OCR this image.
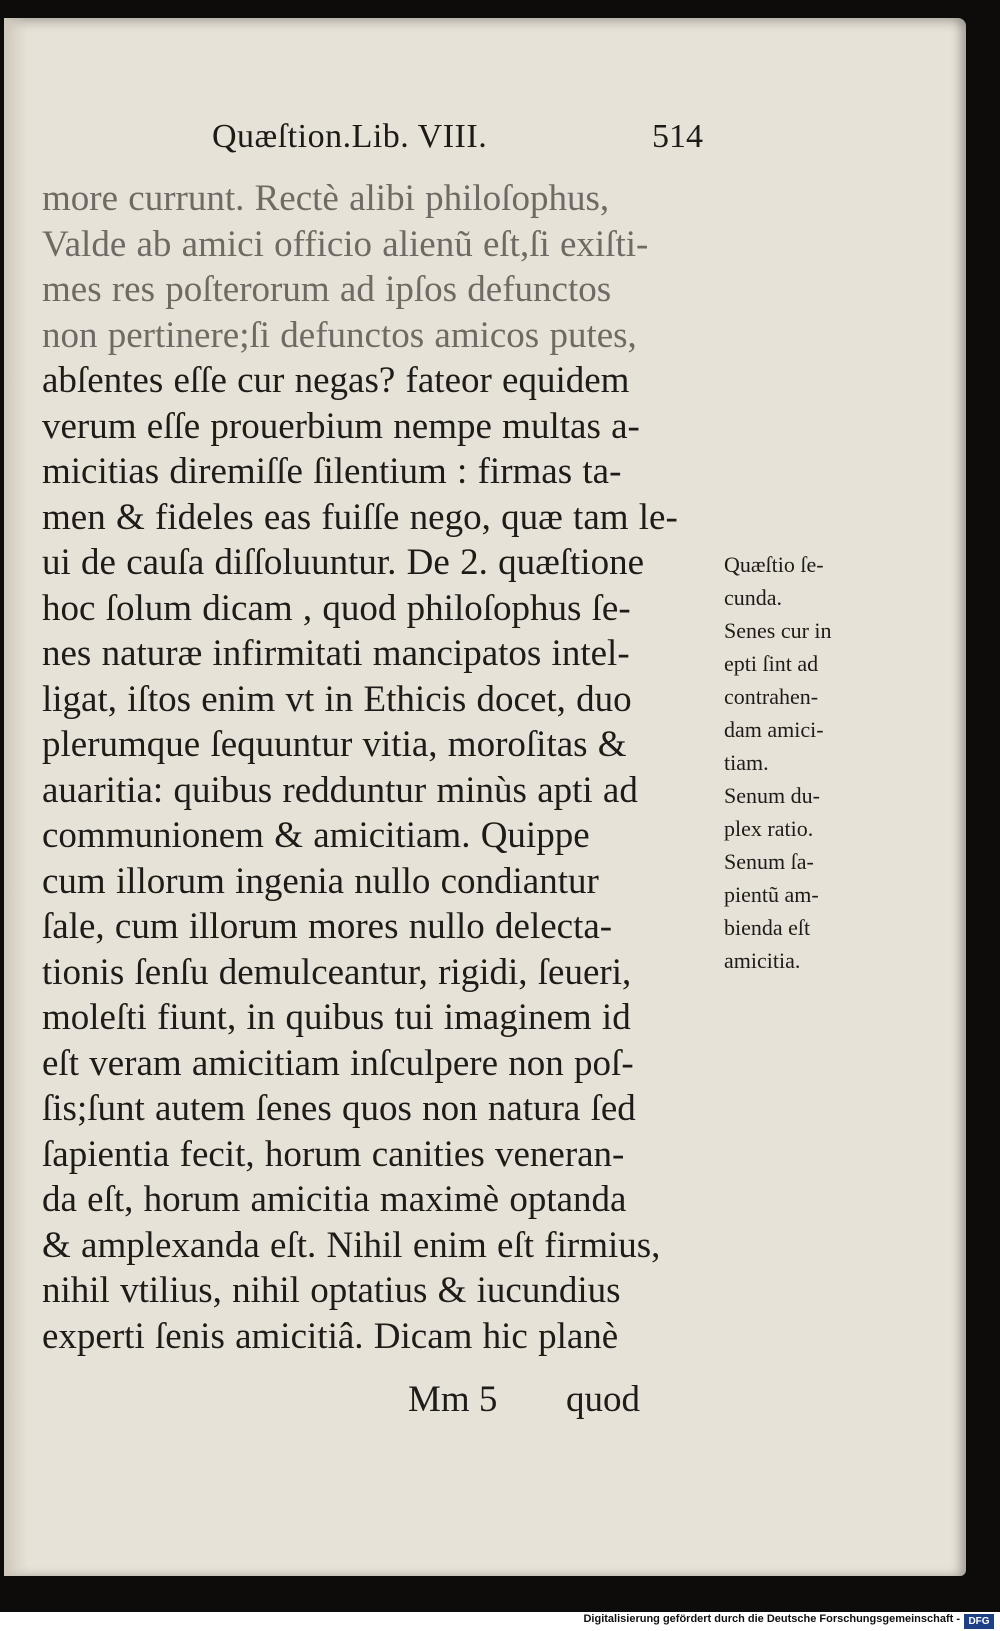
Quæſtion.Lib. VIII.	514
more currunt. Rectè alibi philoſophus,
Valde ab amici officio alienũ eſt,ſi exiſti-
mes res poſterorum ad ipſos defunctos
non pertinere;ſi defunctos amicos putes,
abſentes eſſe cur negas? fateor equidem
verum eſſe prouerbium nempe multas a-
micitias diremiſſe ſilentium : firmas ta-
men & fideles eas fuiſſe nego, quæ tam le-
ui de cauſa diſſoluuntur. De 2. quæſtione
hoc ſolum dicam , quod philoſophus ſe-
nes naturæ infirmitati mancipatos intel-
ligat, iſtos enim vt in Ethicis docet, duo
plerumque ſequuntur vitia, moroſitas &
auaritia: quibus redduntur minùs apti ad
communionem & amicitiam. Quippe
cum illorum ingenia nullo condiantur
ſale, cum illorum mores nullo delecta-
tionis ſenſu demulceantur, rigidi, ſeueri,
moleſti fiunt, in quibus tui imaginem id
eſt veram amicitiam inſculpere non poſ-
ſis;ſunt autem ſenes quos non natura ſed
ſapientia fecit, horum canities veneran-
da eſt, horum amicitia maximè optanda
& amplexanda eſt. Nihil enim eſt firmius,
nihil vtilius, nihil optatius & iucundius
experti ſenis amicitiâ. Dicam hic planè
Quæſtio ſe-
cunda.
Senes cur in
epti ſint ad
contrahen-
dam amici-
tiam.
Senum du-
plex ratio.
Senum ſa-
pientũ am-
bienda eſt
amicitia.
Mm 5 quod
Digitalisierung gefördert durch die Deutsche Forschungsgemeinschaft - DFG
